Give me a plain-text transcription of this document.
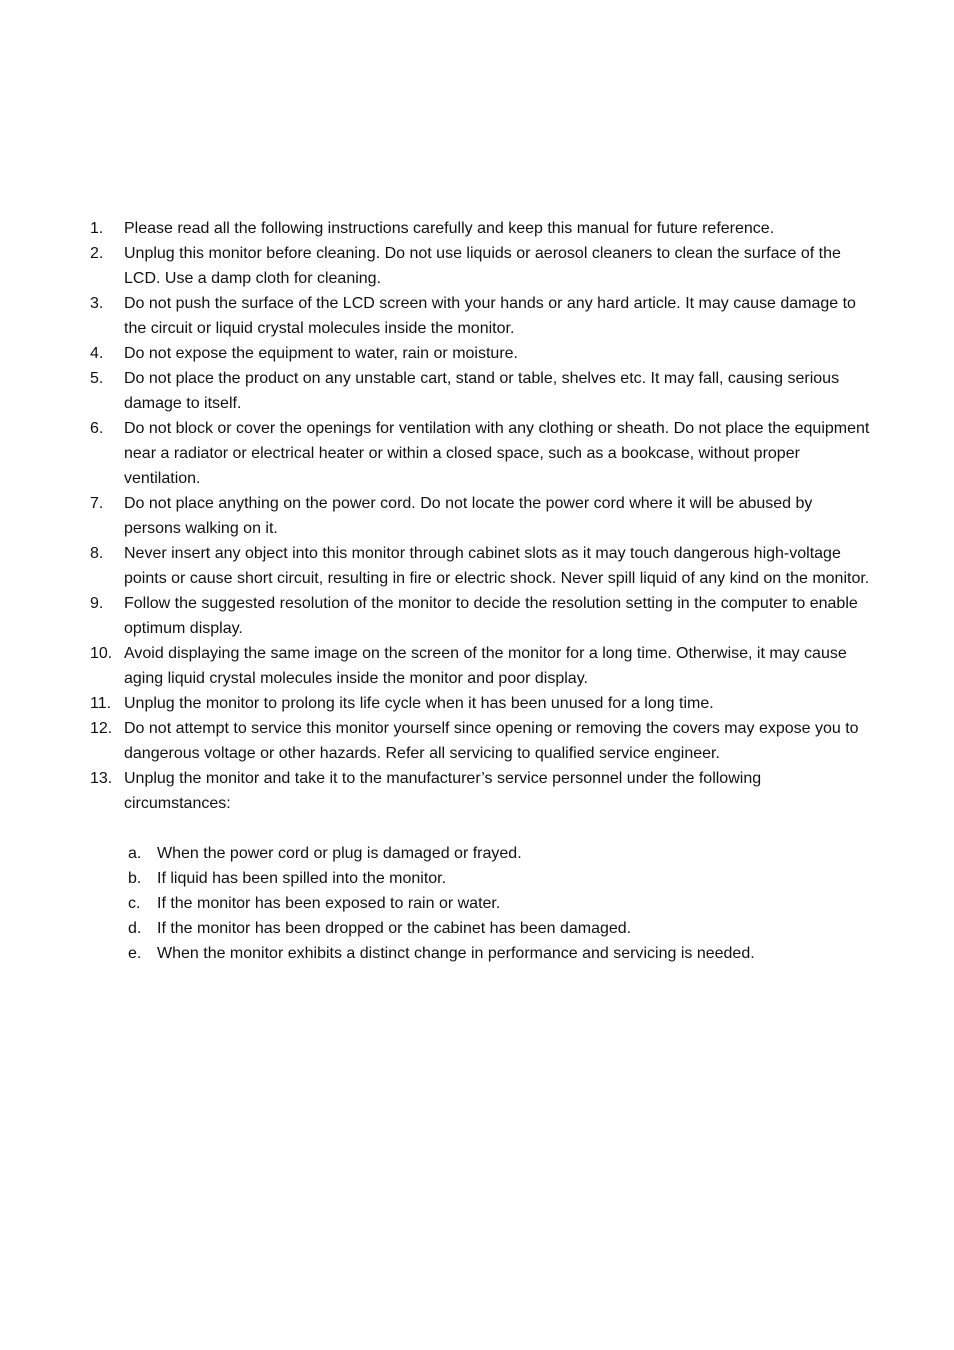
1.	Please read all the following instructions carefully and keep this manual for future reference.
2.	Unplug this monitor before cleaning. Do not use liquids or aerosol cleaners to clean the surface of the LCD. Use a damp cloth for cleaning.
3.	Do not push the surface of the LCD screen with your hands or any hard article. It may cause damage to the circuit or liquid crystal molecules inside the monitor.
4.	Do not expose the equipment to water, rain or moisture.
5.	Do not place the product on any unstable cart, stand or table, shelves etc. It may fall, causing serious damage to itself.
6.	Do not block or cover the openings for ventilation with any clothing or sheath. Do not place the equipment near a radiator or electrical heater or within a closed space, such as a bookcase, without proper ventilation.
7.	Do not place anything on the power cord. Do not locate the power cord where it will be abused by persons walking on it.
8.	Never insert any object into this monitor through cabinet slots as it may touch dangerous high-voltage points or cause short circuit, resulting in fire or electric shock. Never spill liquid of any kind on the monitor.
9.	Follow the suggested resolution of the monitor to decide the resolution setting in the computer to enable optimum display.
10. Avoid displaying the same image on the screen of the monitor for a long time. Otherwise, it may cause aging liquid crystal molecules inside the monitor and poor display.
11. Unplug the monitor to prolong its life cycle when it has been unused for a long time.
12. Do not attempt to service this monitor yourself since opening or removing the covers may expose you to dangerous voltage or other hazards. Refer all servicing to qualified service engineer.
13. Unplug the monitor and take it to the manufacturer’s service personnel under the following circumstances:
a. When the power cord or plug is damaged or frayed.
b. If liquid has been spilled into the monitor.
c.	If the monitor has been exposed to rain or water.
d. If the monitor has been dropped or the cabinet has been damaged.
e. When the monitor exhibits a distinct change in performance and servicing is needed.
